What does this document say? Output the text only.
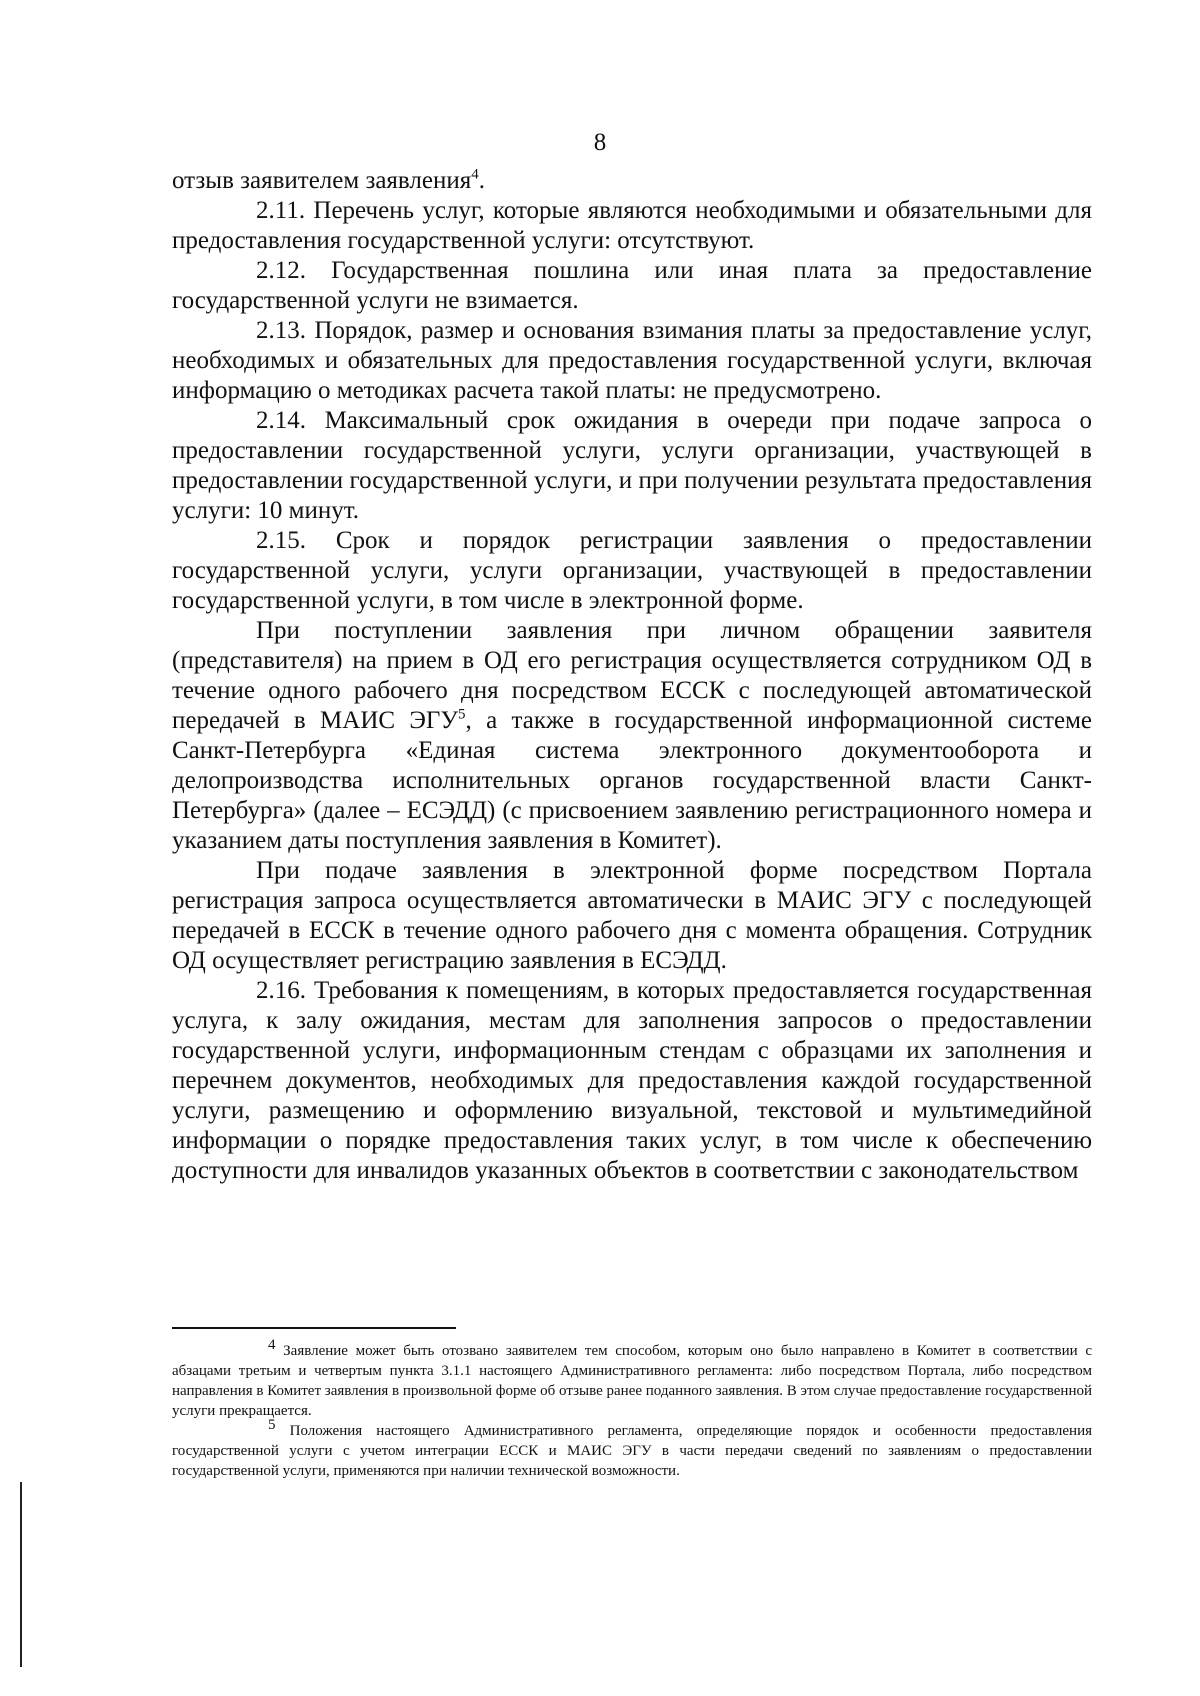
8

отзыв заявителем заявления$^4$.

2.11. Перечень услуг, которые являются необходимыми и обязательными для предоставления государственной услуги: отсутствуют.

2.12. Государственная пошлина или иная плата за предоставление государственной услуги не взимается.

2.13. Порядок, размер и основания взимания платы за предоставление услуг, необходимых и обязательных для предоставления государственной услуги, включая информацию о методиках расчета такой платы: не предусмотрено.

2.14. Максимальный срок ожидания в очереди при подаче запроса о предоставлении государственной услуги, услуги организации, участвующей в предоставлении государственной услуги, и при получении результата предоставления услуги: 10 минут.

2.15. Срок и порядок регистрации заявления о предоставлении государственной услуги, услуги организации, участвующей в предоставлении государственной услуги, в том числе в электронной форме.

При поступлении заявления при личном обращении заявителя (представителя) на прием в ОД его регистрация осуществляется сотрудником ОД в течение одного рабочего дня посредством ЕССК с последующей автоматической передачей в МАИС ЭГУ$^5$, а также в государственной информационной системе Санкт-Петербурга «Единая система электронного документооборота и делопроизводства исполнительных органов государственной власти Санкт-Петербурга» (далее – ЕСЭДД) (с присвоением заявлению регистрационного номера и указанием даты поступления заявления в Комитет).

При подаче заявления в электронной форме посредством Портала регистрация запроса осуществляется автоматически в МАИС ЭГУ с последующей передачей в ЕССК в течение одного рабочего дня с момента обращения. Сотрудник ОД осуществляет регистрацию заявления в ЕСЭДД.

2.16. Требования к помещениям, в которых предоставляется государственная услуга, к залу ожидания, местам для заполнения запросов о предоставлении государственной услуги, информационным стендам с образцами их заполнения и перечнем документов, необходимых для предоставления каждой государственной услуги, размещению и оформлению визуальной, текстовой и мультимедийной информации о порядке предоставления таких услуг, в том числе к обеспечению доступности для инвалидов указанных объектов в соответствии с законодательством

$^4$ Заявление может быть отозвано заявителем тем способом, которым оно было направлено в Комитет в соответствии с абзацами третьим и четвертым пункта 3.1.1 настоящего Административного регламента: либо посредством Портала, либо посредством направления в Комитет заявления в произвольной форме об отзыве ранее поданного заявления. В этом случае предоставление государственной услуги прекращается.

$^5$ Положения настоящего Административного регламента, определяющие порядок и особенности предоставления государственной услуги с учетом интеграции ЕССК и МАИС ЭГУ в части передачи сведений по заявлениям о предоставлении государственной услуги, применяются при наличии технической возможности.
